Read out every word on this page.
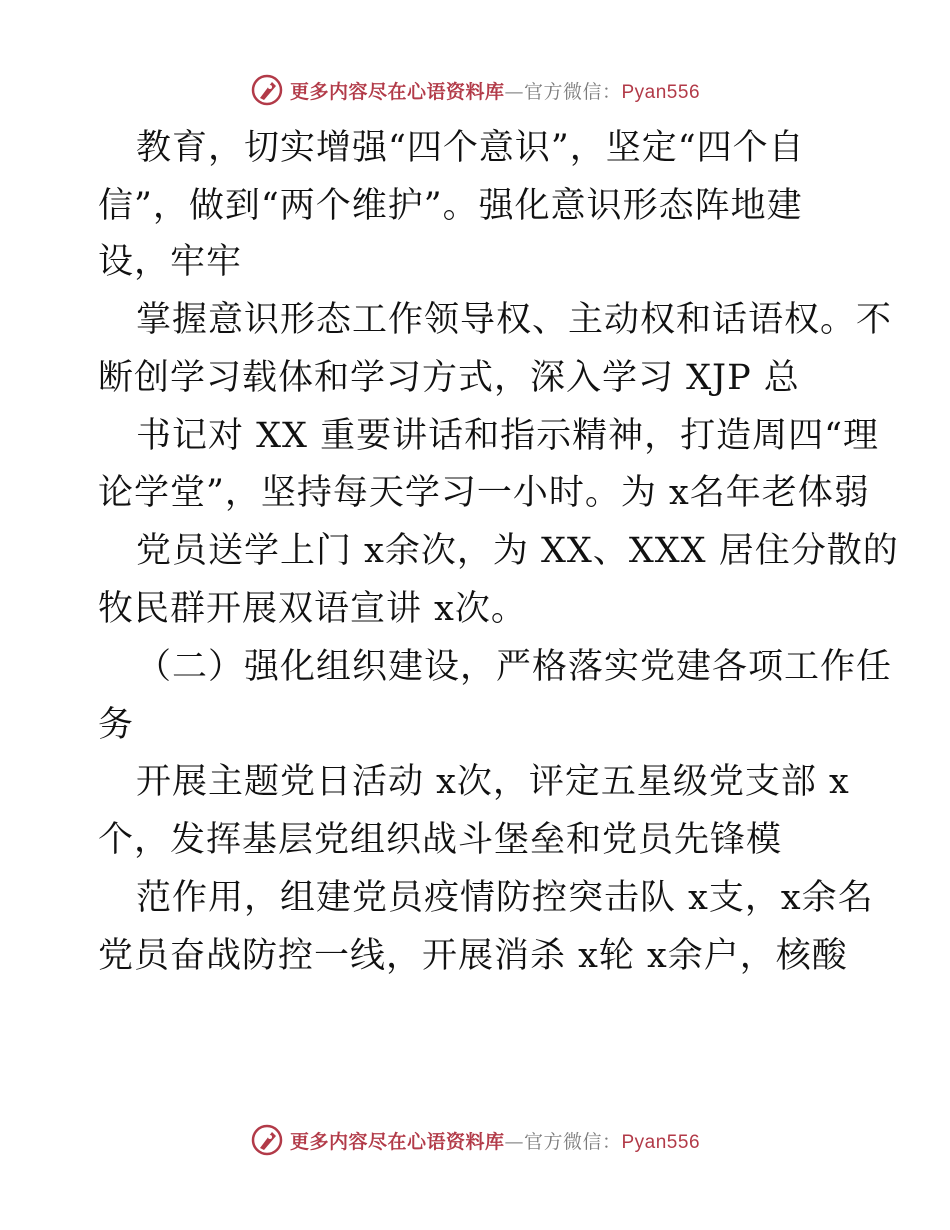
更多内容尽在心语资料库—官方微信：Pyan556
教育，切实增强“四个意识”，坚定“四个自
信”，做到“两个维护”。强化意识形态阵地建
设，牢牢
掌握意识形态工作领导权、主动权和话语权。不
断创学习载体和学习方式，深入学习 XJP 总
书记对 XX 重要讲话和指示精神，打造周四“理
论学堂”，坚持每天学习一小时。为 x名年老体弱
党员送学上门 x余次，为 XX、XXX 居住分散的
牧民群开展双语宣讲 x次。
（二）强化组织建设，严格落实党建各项工作任
务
开展主题党日活动 x次，评定五星级党支部 x
个，发挥基层党组织战斗堡垒和党员先锋模
范作用，组建党员疫情防控突击队 x支，x余名
党员奋战防控一线，开展消杀 x轮 x余户，核酸
更多内容尽在心语资料库—官方微信：Pyan556
